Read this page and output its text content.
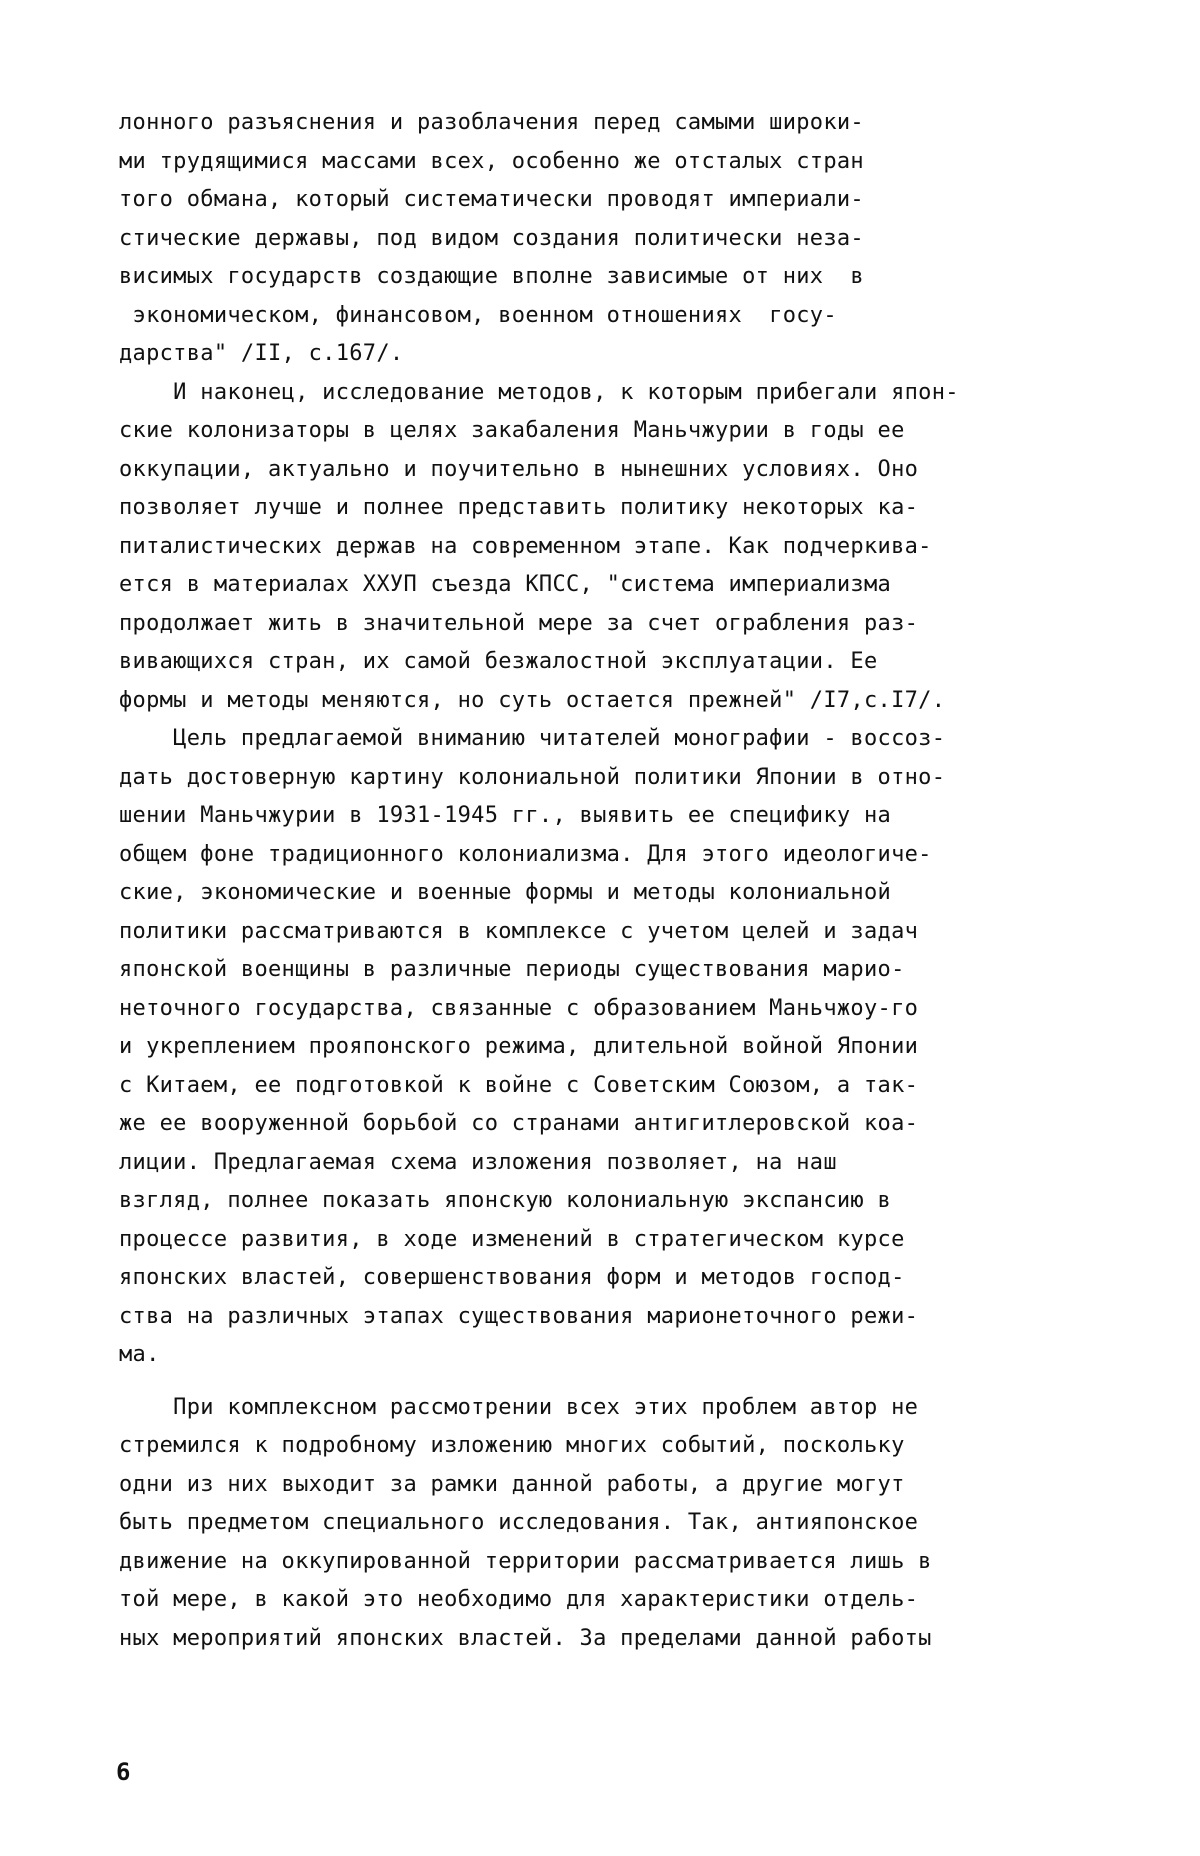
лонного разъяснения и разоблачения перед самыми широки-
ми трудящимися массами всех, особенно же отсталых стран
того обмана, который систематически проводят империали-
стические державы, под видом создания политически неза-
висимых государств создающие вполне зависимые от них  в
экономическом, финансовом, военном отношениях  госу-
дарства" /II, с.167/.
И наконец, исследование методов, к которым прибегали япон-
ские колонизаторы в целях закабаления Маньчжурии в годы ее
оккупации, актуально и поучительно в нынешних условиях. Оно
позволяет лучше и полнее представить политику некоторых ка-
питалистических держав на современном этапе. Как подчеркива-
ется в материалах ХХУП съезда КПСС, "система империализма
продолжает жить в значительной мере за счет ограбления раз-
вивающихся стран, их самой безжалостной эксплуатации. Ее
формы и методы меняются, но суть остается прежней" /I7,с.I7/.
Цель предлагаемой вниманию читателей монографии - воссоз-
дать достоверную картину колониальной политики Японии в отно-
шении Маньчжурии в 1931-1945 гг., выявить ее специфику на
общем фоне традиционного колониализма. Для этого идеологиче-
ские, экономические и военные формы и методы колониальной
политики рассматриваются в комплексе с учетом целей и задач
японской военщины в различные периоды существования марио-
неточного государства, связанные с образованием Маньчжоу-го
и укреплением прояпонского режима, длительной войной Японии
с Китаем, ее подготовкой к войне с Советским Союзом, а так-
же ее вооруженной борьбой со странами антигитлеровской коа-
лиции. Предлагаемая схема изложения позволяет, на наш
взгляд, полнее показать японскую колониальную экспансию в
процессе развития, в ходе изменений в стратегическом курсе
японских властей, совершенствования форм и методов господ-
ства на различных этапах существования марионеточного режи-
ма.
При комплексном рассмотрении всех этих проблем автор не
стремился к подробному изложению многих событий, поскольку
одни из них выходит за рамки данной работы, а другие могут
быть предметом специального исследования. Так, антияпонское
движение на оккупированной территории рассматривается лишь в
той мере, в какой это необходимо для характеристики отдель-
ных мероприятий японских властей. За пределами данной работы
6
